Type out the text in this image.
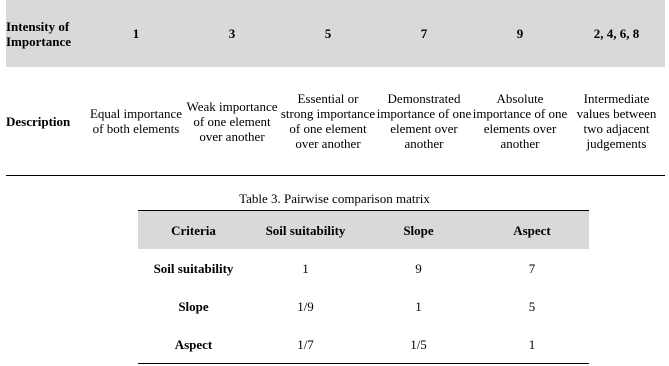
Intensity of Importance	1	3	5	7	9	2, 4, 6, 8
Description	Equal importance of both elements	Weak importance of one element over another	Essential or strong importance of one element over another	Demonstrated importance of one element over another	Absolute importance of one elements over another	Intermediate values between two adjacent judgements
Table 3. Pairwise comparison matrix
Criteria	Soil suitability	Slope	Aspect
Soil suitability	1	9	7
Slope	1/9	1	5
Aspect	1/7	1/5	1
